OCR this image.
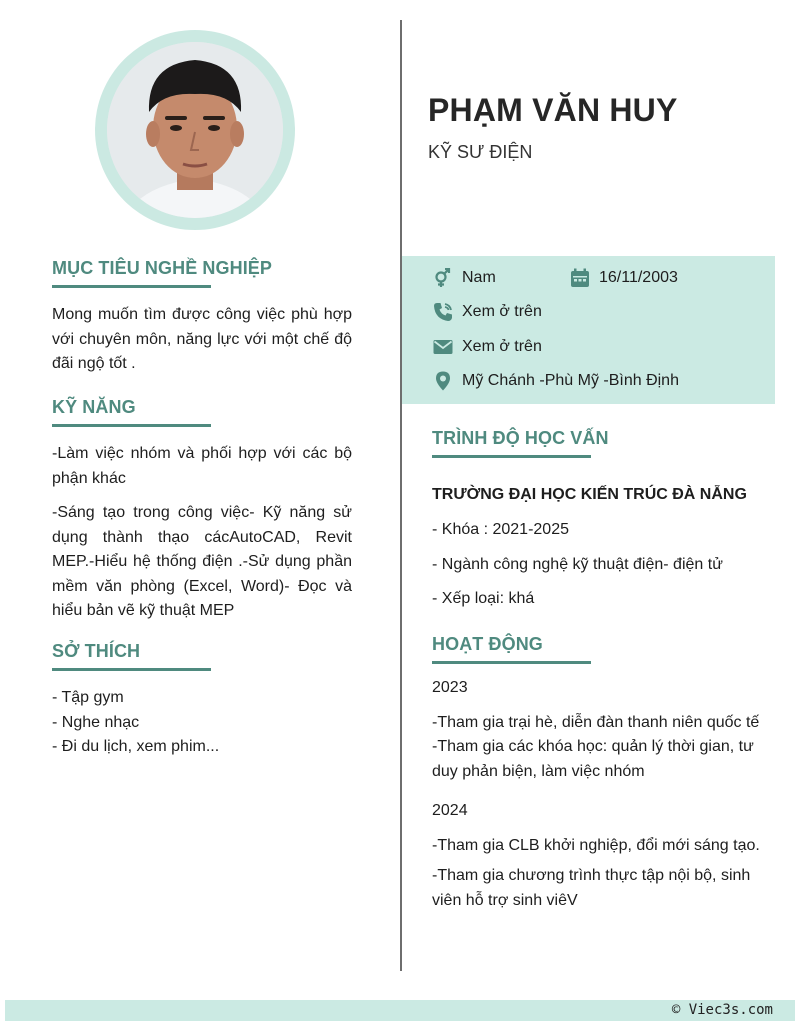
MỤC TIÊU NGHỀ NGHIỆP

Mong muốn tìm được công việc phù hợp với chuyên môn, năng lực với một chế độ đãi ngộ tốt .

KỸ NĂNG

-Làm việc nhóm và phối hợp với các bộ phận khác

-Sáng tạo trong công việc- Kỹ năng sử dụng thành thạo cácAutoCAD, Revit MEP.-Hiểu hệ thống điện .-Sử dụng phần mềm văn phòng (Excel, Word)- Đọc và hiểu bản vẽ kỹ thuật MEP

SỞ THÍCH
- Tập gym
- Nghe nhạc
- Đi du lịch, xem phim...
PHẠM VĂN HUY
KỸ SƯ ĐIỆN
Nam	16/11/2003
Xem ở trên
Xem ở trên
Mỹ Chánh -Phù Mỹ -Bình Định
TRÌNH ĐỘ HỌC VẤN
TRƯỜNG ĐẠI HỌC KIẾN TRÚC ĐÀ NẴNG
- Khóa : 2021-2025
- Ngành công nghệ kỹ thuật điện- điện tử
- Xếp loại: khá
HOẠT ĐỘNG
2023
-Tham gia trại hè, diễn đàn thanh niên quốc tế
-Tham gia các khóa học: quản lý thời gian, tư duy phản biện, làm việc nhóm
2024
-Tham gia CLB khởi nghiệp, đổi mới sáng tạo.
-Tham gia chương trình thực tập nội bộ, sinh viên hỗ trợ sinh viêV
© Viec3s.com
